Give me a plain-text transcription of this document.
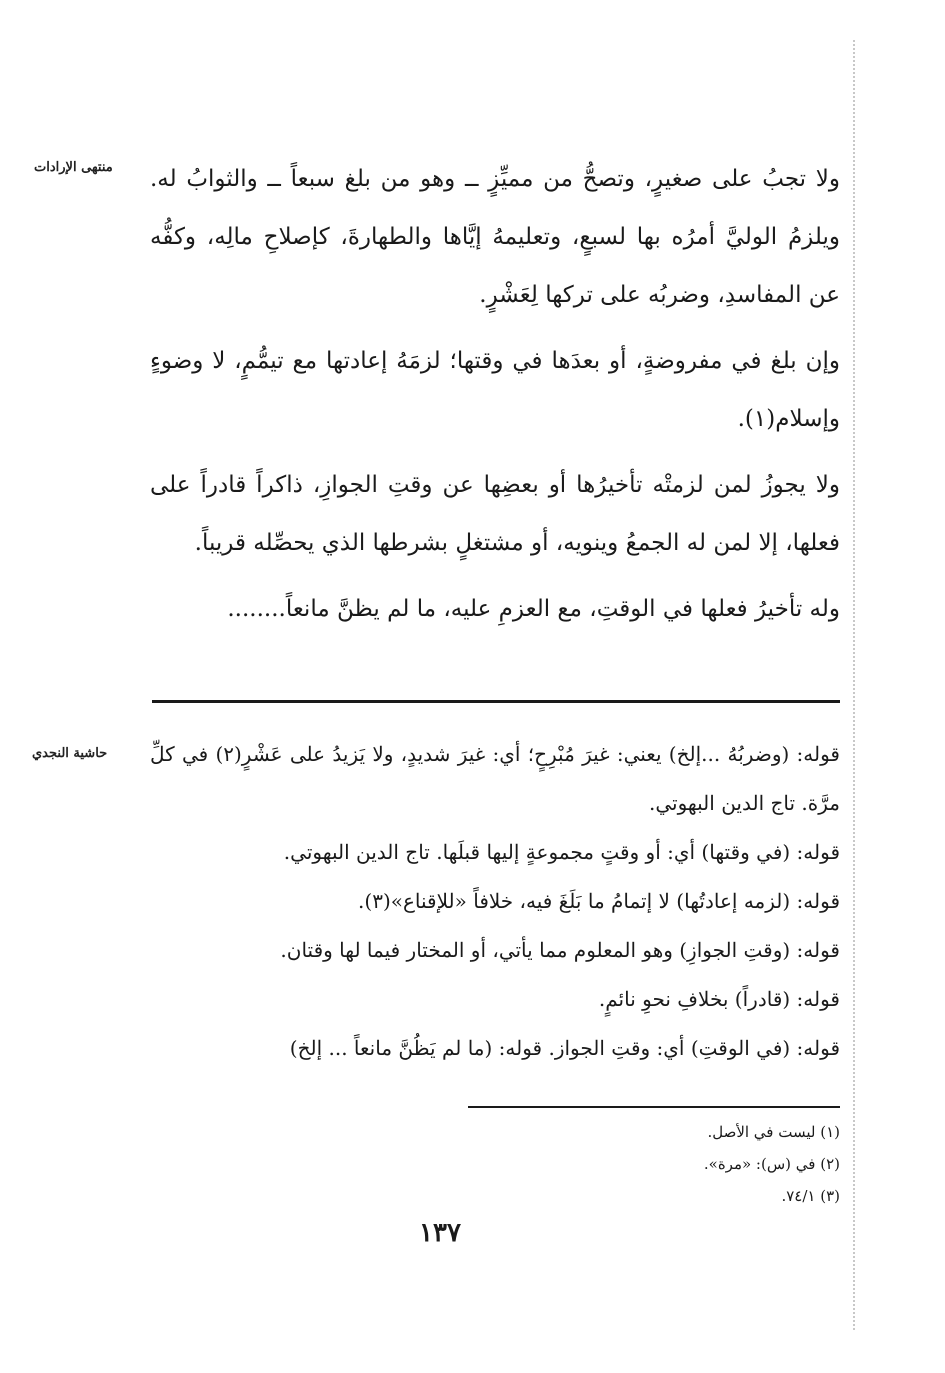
منتهى الإرادات
حاشية النجدي

ولا تجبُ على صغيرٍ، وتصحُّ من مميِّزٍ ــ وهو من بلغ سبعاً ــ والثوابُ له. ويلزمُ الوليَّ أمرُه بها لسبعٍ، وتعليمهُ إيَّاها والطهارةَ، كإصلاحِ مالِه، وكفُّه عن المفاسدِ، وضربُه على تركها لِعَشْرٍ.

وإن بلغ في مفروضةٍ، أو بعدَها في وقتها؛ لزمَهُ إعادتها مع تيمُّمٍ، لا وضوءٍ وإسلام(١).

ولا يجوزُ لمن لزمتْه تأخيرُها أو بعضِها عن وقتِ الجوازِ، ذاكراً قادراً على فعلها، إلا لمن له الجمعُ وينويه، أو مشتغلٍ بشرطها الذي يحصِّله قريباً.

وله تأخيرُ فعلها في الوقتِ، مع العزمِ عليه، ما لم يظنَّ مانعاً........

قوله: (وضربُهُ ...إلخ) يعني: غيرَ مُبْرِحٍ؛ أي: غيرَ شديدٍ، ولا يَزيدُ على عَشْرٍ(٢) في كلِّ مرَّة. تاج الدين البهوتي.

قوله: (في وقتها) أي: أو وقتٍ مجموعةٍ إليها قبلَها. تاج الدين البهوتي.

قوله: (لزمه إعادتُها) لا إتمامُ ما بَلَغَ فيه، خلافاً «للإقناع»(٣).

قوله: (وقتِ الجوازِ) وهو المعلوم مما يأتي، أو المختار فيما لها وقتان.

قوله: (قادراً) بخلافِ نحوِ نائمٍ.

قوله: (في الوقتِ) أي: وقتِ الجواز. قوله: (ما لم يَظُنَّ مانعاً ... إلخ)

(١) ليست في الأصل.

(٢) في (س): «مرة».

(٣) ٧٤/١.

١٣٧
